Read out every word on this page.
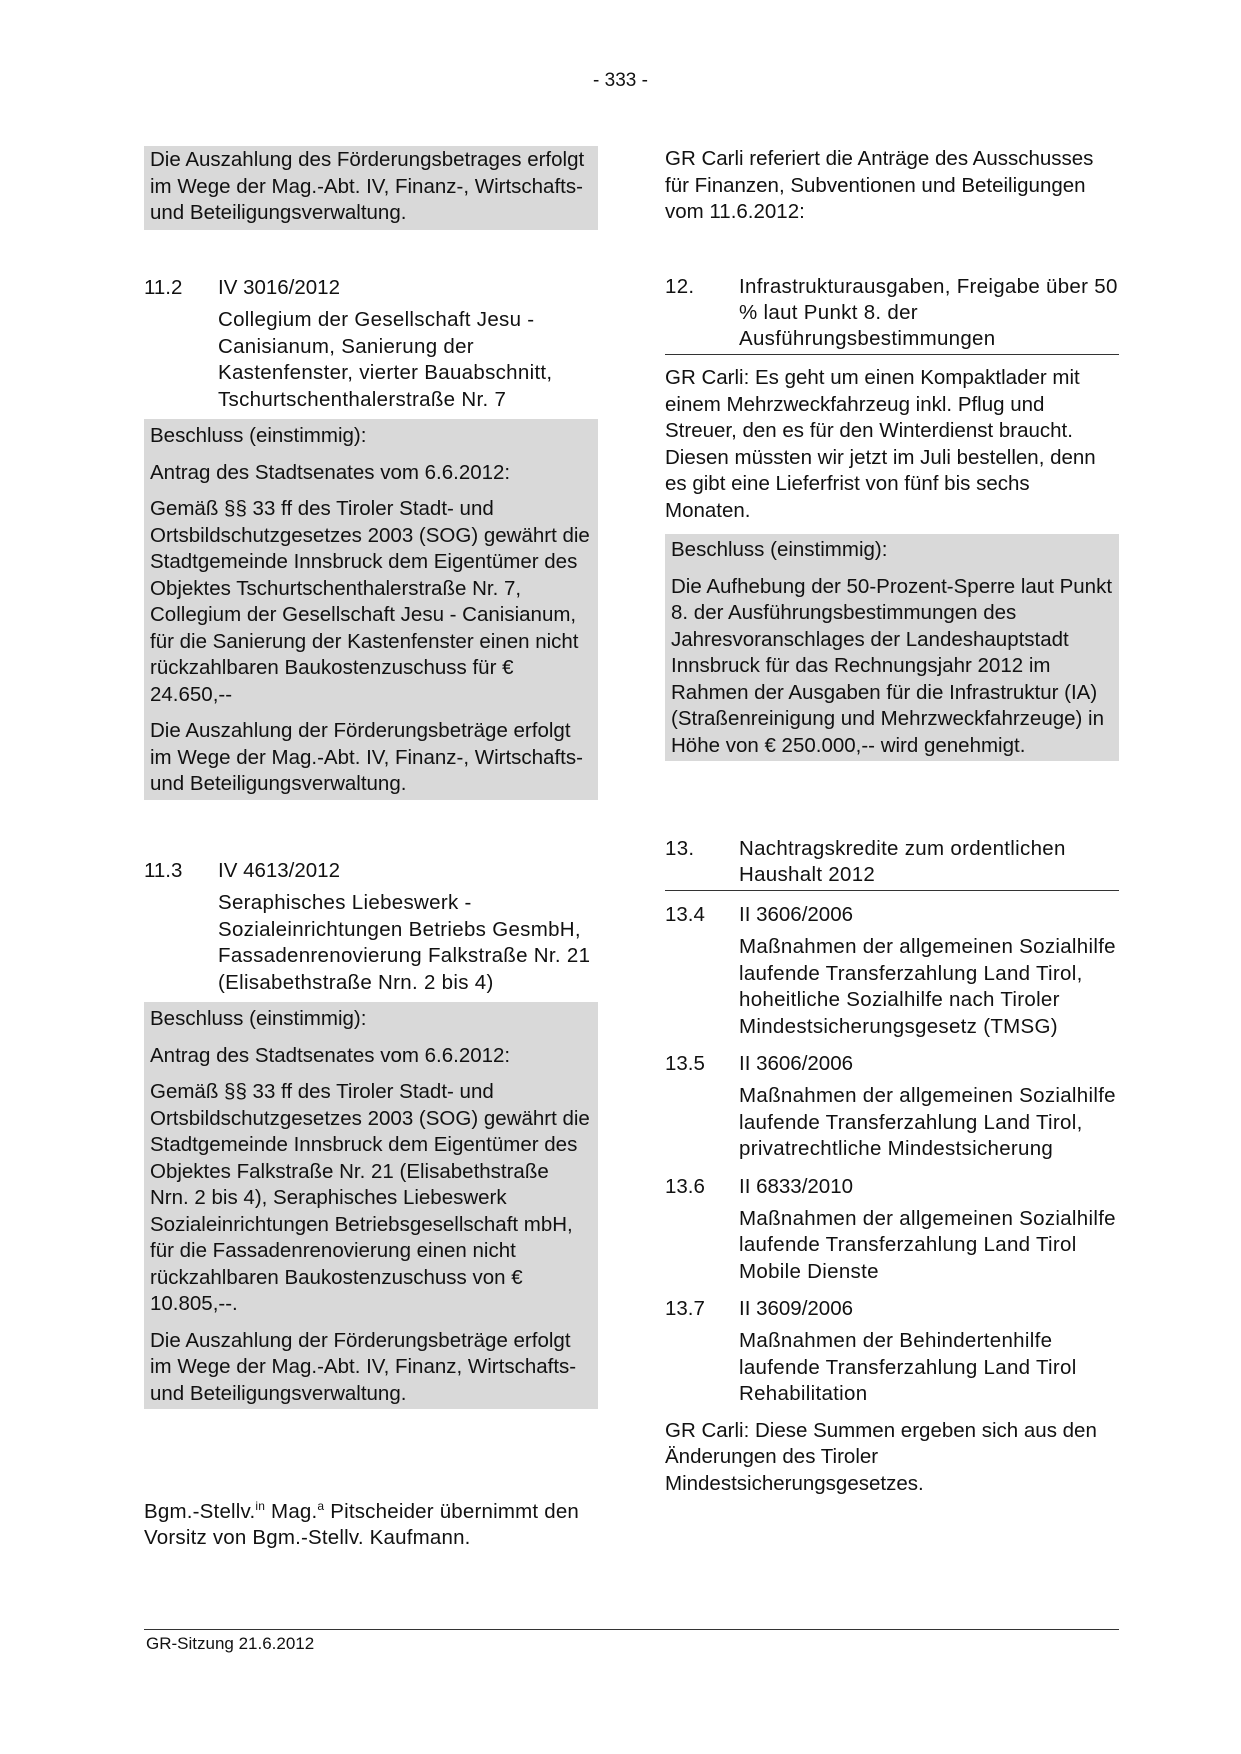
- 333 -

Die Auszahlung des Förderungsbetrages erfolgt im Wege der Mag.-Abt. IV, Finanz-, Wirtschafts- und Beteiligungsverwaltung.

11.2	IV 3016/2012
Collegium der Gesellschaft Jesu - Canisianum, Sanierung der Kastenfenster, vierter Bauabschnitt, Tschurtschenthalerstraße Nr. 7

Beschluss (einstimmig):

Antrag des Stadtsenates vom 6.6.2012:

Gemäß §§ 33 ff des Tiroler Stadt- und Ortsbildschutzgesetzes 2003 (SOG) gewährt die Stadtgemeinde Innsbruck dem Eigentümer des Objektes Tschurtschenthalerstraße Nr. 7, Collegium der Gesellschaft Jesu - Canisianum, für die Sanierung der Kastenfenster einen nicht rückzahlbaren Baukostenzuschuss für € 24.650,--

Die Auszahlung der Förderungsbeträge erfolgt im Wege der Mag.-Abt. IV, Finanz-, Wirtschafts- und Beteiligungsverwaltung.

11.3	IV 4613/2012
Seraphisches Liebeswerk - Sozialeinrichtungen Betriebs GesmbH, Fassadenrenovierung Falkstraße Nr. 21 (Elisabethstraße Nrn. 2 bis 4)

Beschluss (einstimmig):

Antrag des Stadtsenates vom 6.6.2012:

Gemäß §§ 33 ff des Tiroler Stadt- und Ortsbildschutzgesetzes 2003 (SOG) gewährt die Stadtgemeinde Innsbruck dem Eigentümer des Objektes Falkstraße Nr. 21 (Elisabethstraße Nrn. 2 bis 4), Seraphisches Liebeswerk Sozialeinrichtungen Betriebsgesellschaft mbH, für die Fassadenrenovierung einen nicht rückzahlbaren Baukostenzuschuss von € 10.805,--.

Die Auszahlung der Förderungsbeträge erfolgt im Wege der Mag.-Abt. IV, Finanz, Wirtschafts- und Beteiligungsverwaltung.

Bgm.-Stellv.$^{in}$ Mag.$^a$ Pitscheider übernimmt den Vorsitz von Bgm.-Stellv. Kaufmann.

GR Carli referiert die Anträge des Ausschusses für Finanzen, Subventionen und Beteiligungen vom 11.6.2012:

12.	Infrastrukturausgaben, Freigabe über 50 % laut Punkt 8. der Ausführungsbestimmungen

GR Carli: Es geht um einen Kompaktlader mit einem Mehrzweckfahrzeug inkl. Pflug und Streuer, den es für den Winterdienst braucht. Diesen müssten wir jetzt im Juli bestellen, denn es gibt eine Lieferfrist von fünf bis sechs Monaten.

Beschluss (einstimmig):

Die Aufhebung der 50-Prozent-Sperre laut Punkt 8. der Ausführungsbestimmungen des Jahresvoranschlages der Landeshauptstadt Innsbruck für das Rechnungsjahr 2012 im Rahmen der Ausgaben für die Infrastruktur (IA) (Straßenreinigung und Mehrzweckfahrzeuge) in Höhe von € 250.000,-- wird genehmigt.

13.	Nachtragskredite zum ordentlichen Haushalt 2012
13.4	II 3606/2006
Maßnahmen der allgemeinen Sozialhilfe laufende Transferzahlung Land Tirol, hoheitliche Sozialhilfe nach Tiroler Mindestsicherungsgesetz (TMSG)
13.5	II 3606/2006
Maßnahmen der allgemeinen Sozialhilfe laufende Transferzahlung Land Tirol, privatrechtliche Mindestsicherung
13.6	II 6833/2010
Maßnahmen der allgemeinen Sozialhilfe laufende Transferzahlung Land Tirol Mobile Dienste
13.7	II 3609/2006
Maßnahmen der Behindertenhilfe laufende Transferzahlung Land Tirol Rehabilitation

GR Carli: Diese Summen ergeben sich aus den Änderungen des Tiroler Mindestsicherungsgesetzes.

GR-Sitzung 21.6.2012
